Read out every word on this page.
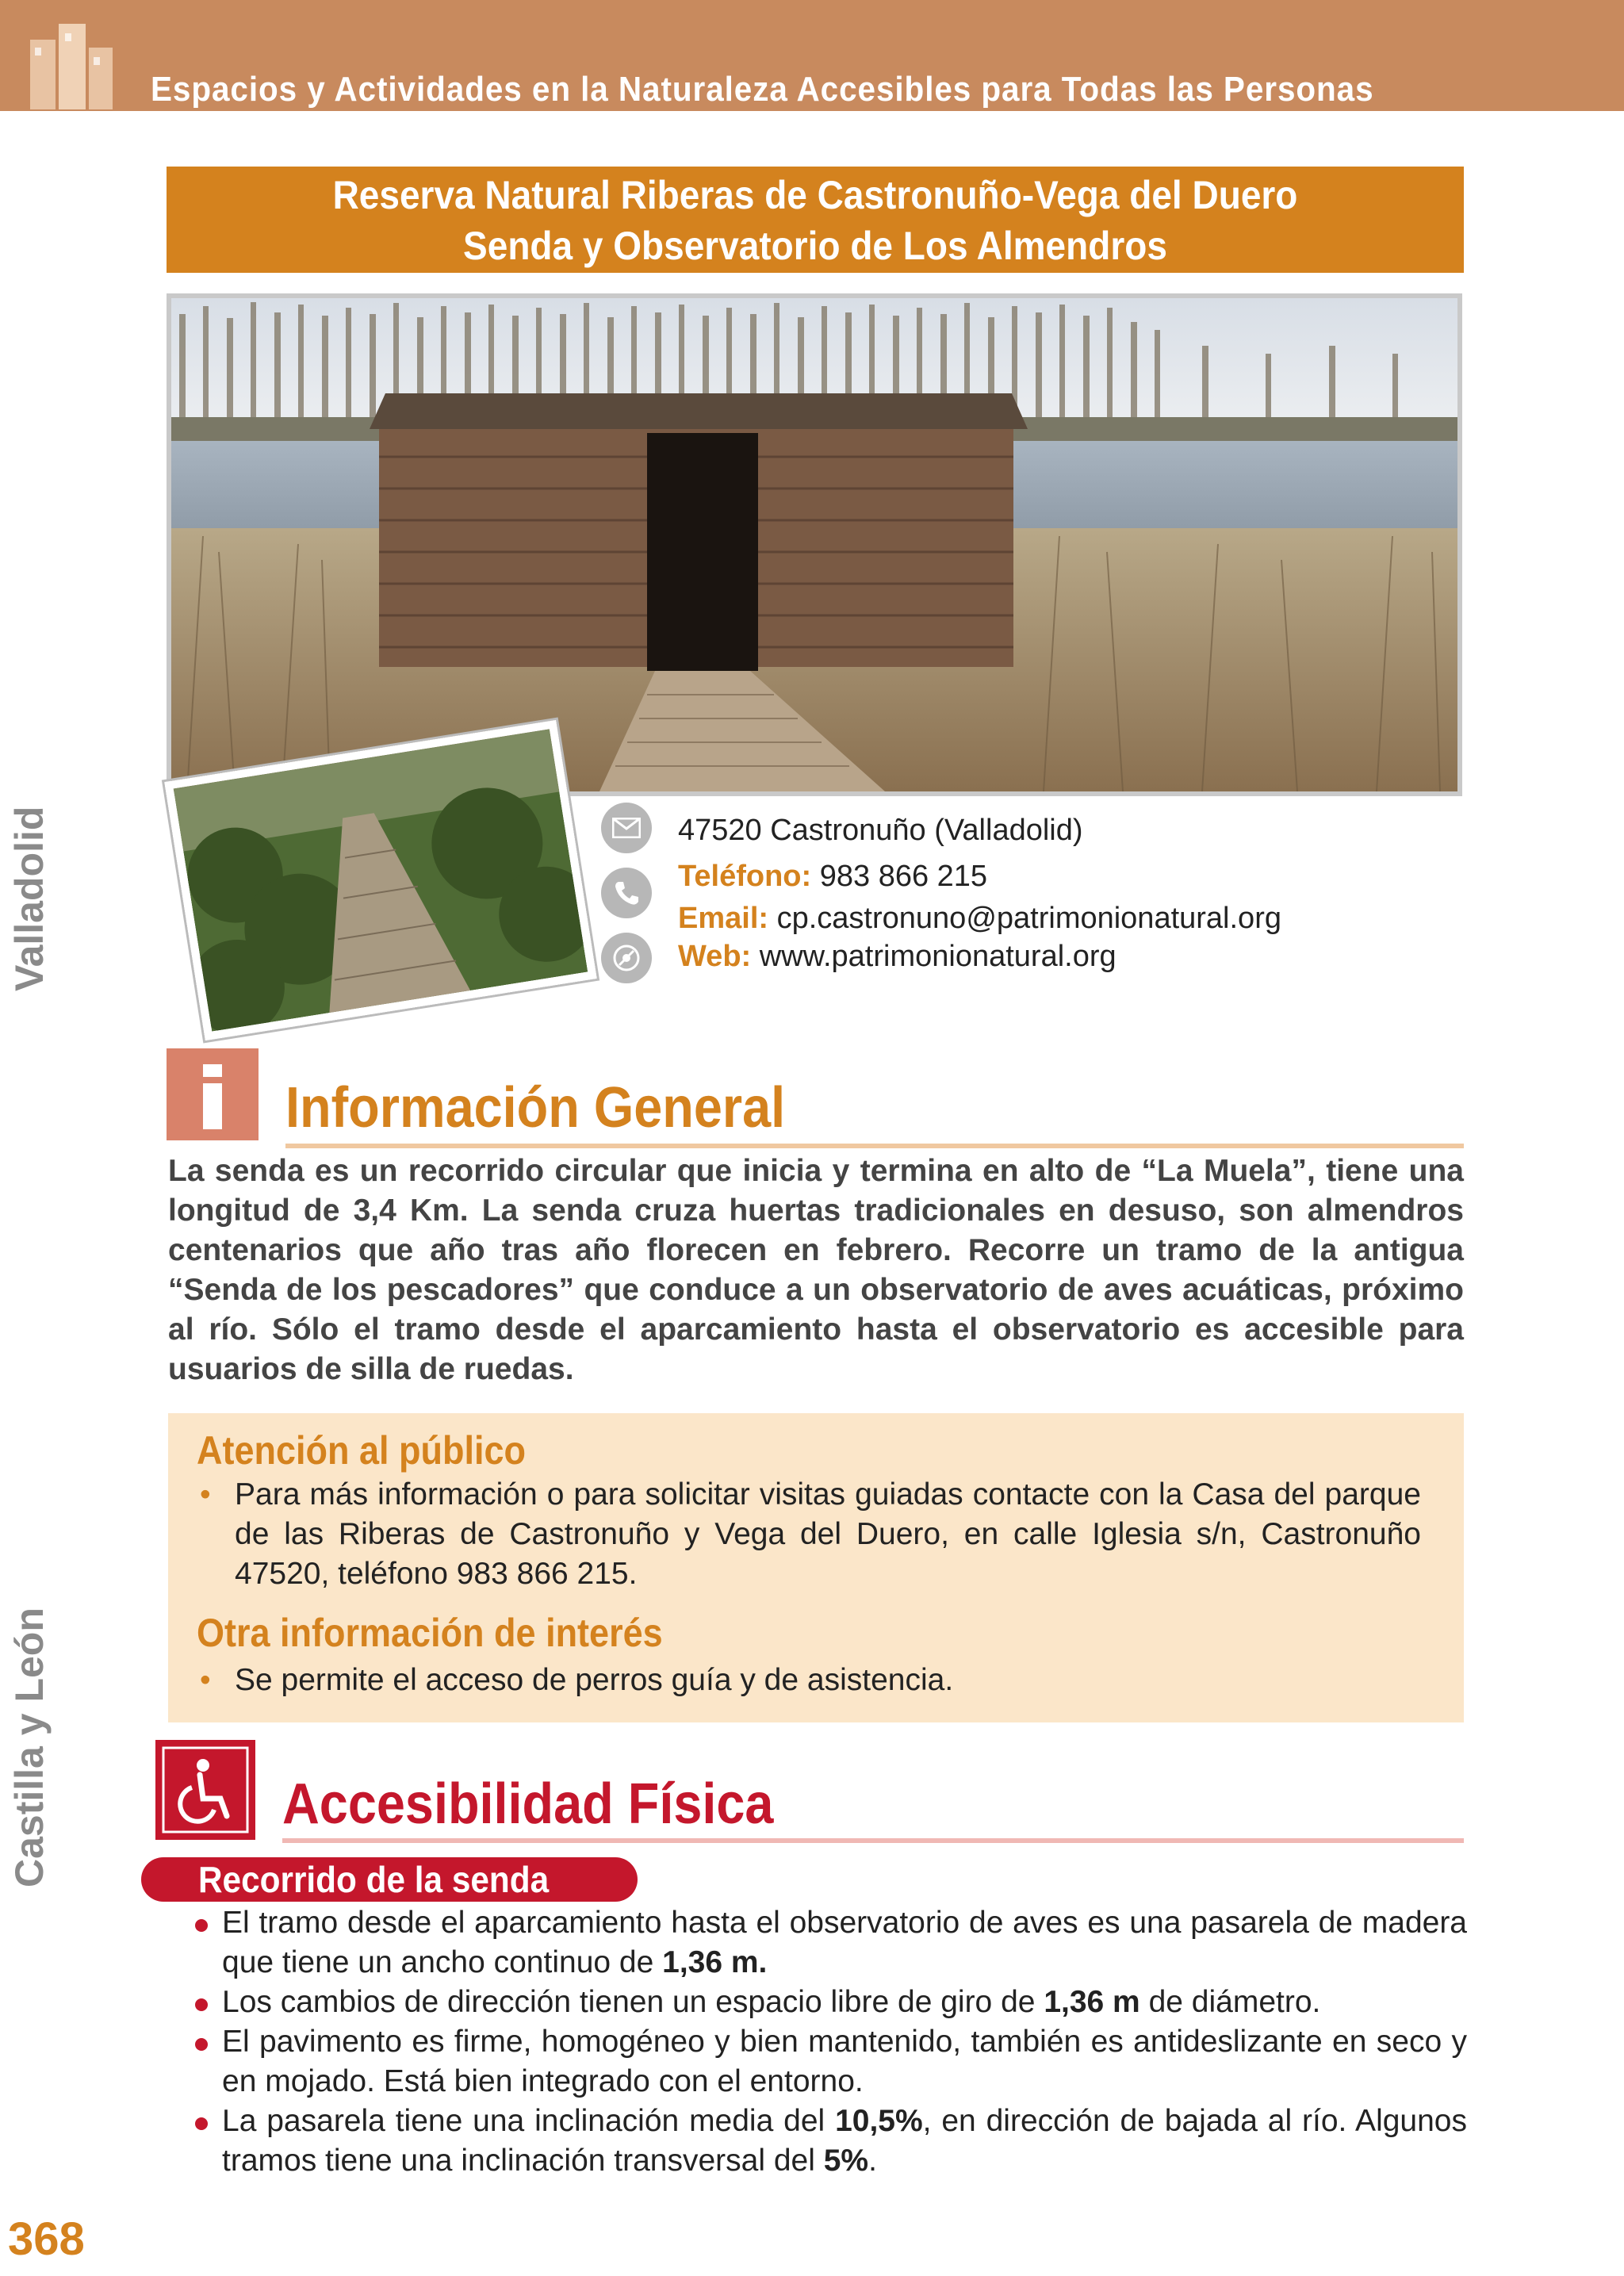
Espacios y Actividades en la Naturaleza Accesibles para Todas las Personas
Reserva Natural Riberas de Castronuño-Vega del Duero
Senda y Observatorio de Los Almendros
Valladolid
Castilla y León
47520 Castronuño (Valladolid)
Teléfono: 983 866 215
Email: cp.castronuno@patrimonionatural.org
Web: www.patrimonionatural.org
Información General
La senda es un recorrido circular que inicia y termina en alto de “La Muela”, tiene una longitud de 3,4 Km. La senda cruza huertas tradicionales en desuso, son almendros centenarios que año tras año florecen en febrero. Recorre un tramo de la antigua “Senda de los pescadores” que conduce a un observatorio de aves acuáticas, próximo al río. Sólo el tramo desde el aparcamiento hasta el observatorio es accesible para usuarios de silla de ruedas.
Atención al público
• Para más información o para solicitar visitas guiadas contacte con la Casa del parque de las Riberas de Castronuño y Vega del Duero, en calle Iglesia s/n, Castronuño 47520, teléfono 983 866 215.
Otra información de interés
• Se permite el acceso de perros guía y de asistencia.
Accesibilidad Física
Recorrido de la senda
El tramo desde el aparcamiento hasta el observatorio de aves es una pasarela de madera que tiene un ancho continuo de 1,36 m.
Los cambios de dirección tienen un espacio libre de giro de 1,36 m de diámetro.
El pavimento es firme, homogéneo y bien mantenido, también es antideslizante en seco y en mojado. Está bien integrado con el entorno.
La pasarela tiene una inclinación media del 10,5%, en dirección de bajada al río. Algunos tramos tiene una inclinación transversal del 5%.
368
